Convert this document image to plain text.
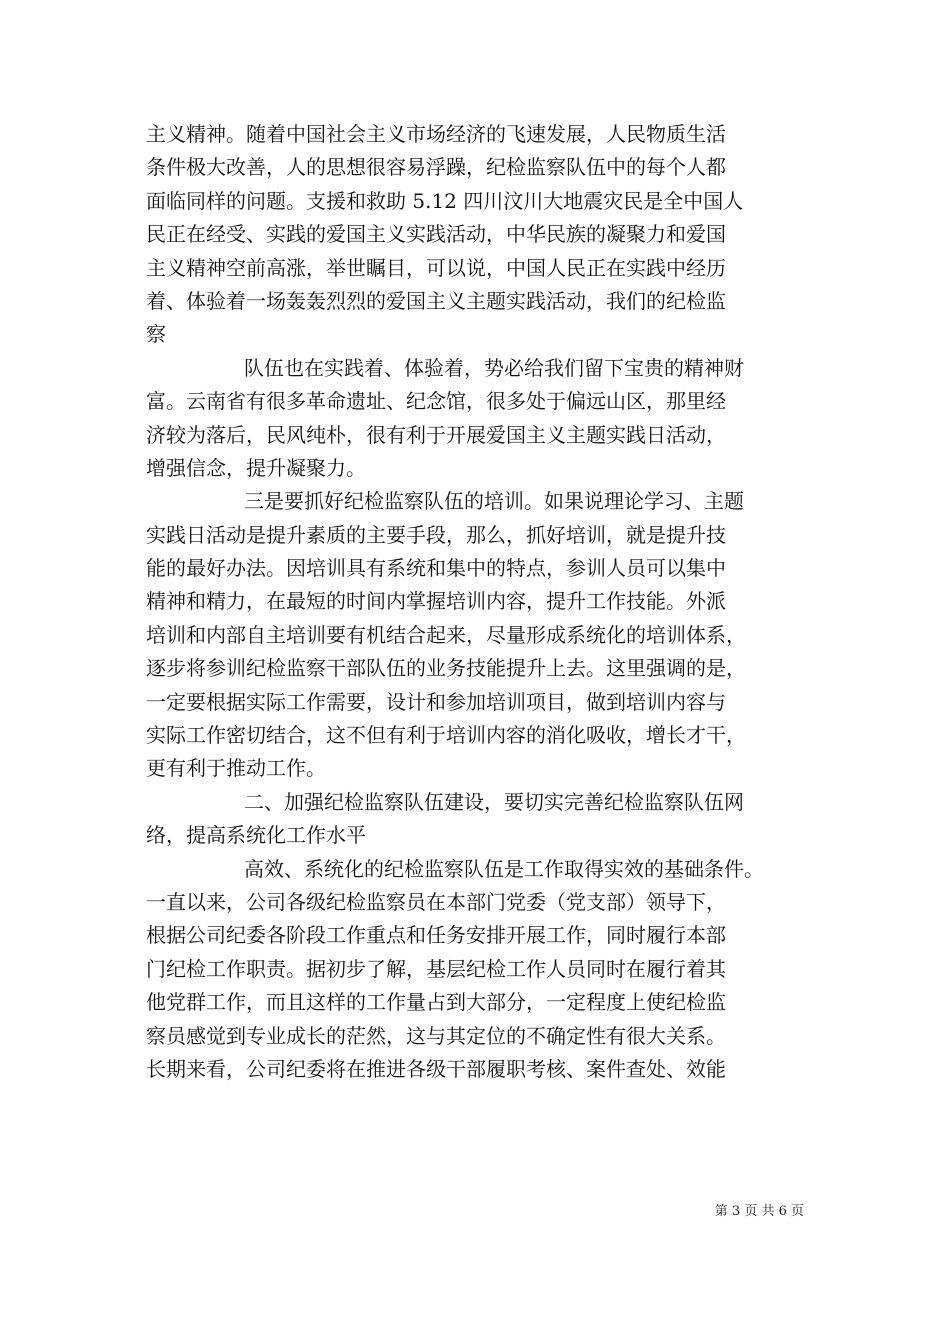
主义精神。随着中国社会主义市场经济的飞速发展，人民物质生活
条件极大改善，人的思想很容易浮躁，纪检监察队伍中的每个人都
面临同样的问题。支援和救助 5.12 四川汶川大地震灾民是全中国人
民正在经受、实践的爱国主义实践活动，中华民族的凝聚力和爱国
主义精神空前高涨，举世瞩目，可以说，中国人民正在实践中经历
着、体验着一场轰轰烈烈的爱国主义主题实践活动，我们的纪检监
察
队伍也在实践着、体验着，势必给我们留下宝贵的精神财
富。云南省有很多革命遗址、纪念馆，很多处于偏远山区，那里经
济较为落后，民风纯朴，很有利于开展爱国主义主题实践日活动，
增强信念，提升凝聚力。
三是要抓好纪检监察队伍的培训。如果说理论学习、主题
实践日活动是提升素质的主要手段，那么，抓好培训，就是提升技
能的最好办法。因培训具有系统和集中的特点，参训人员可以集中
精神和精力，在最短的时间内掌握培训内容，提升工作技能。外派
培训和内部自主培训要有机结合起来，尽量形成系统化的培训体系，
逐步将参训纪检监察干部队伍的业务技能提升上去。这里强调的是，
一定要根据实际工作需要，设计和参加培训项目，做到培训内容与
实际工作密切结合，这不但有利于培训内容的消化吸收，增长才干，
更有利于推动工作。
二、加强纪检监察队伍建设，要切实完善纪检监察队伍网
络，提高系统化工作水平
高效、系统化的纪检监察队伍是工作取得实效的基础条件。
一直以来，公司各级纪检监察员在本部门党委（党支部）领导下，
根据公司纪委各阶段工作重点和任务安排开展工作，同时履行本部
门纪检工作职责。据初步了解，基层纪检工作人员同时在履行着其
他党群工作，而且这样的工作量占到大部分，一定程度上使纪检监
察员感觉到专业成长的茫然，这与其定位的不确定性有很大关系。
长期来看，公司纪委将在推进各级干部履职考核、案件查处、效能
第 3 页 共 6 页
